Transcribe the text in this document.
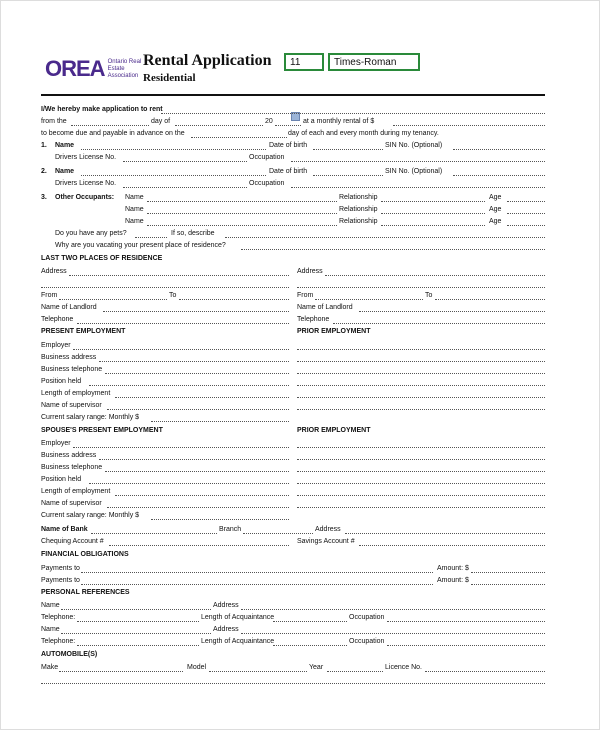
OREA Ontario Real Estate Association
Rental Application
Residential
11	Times-Roman
I/We hereby make application to rent
from the	day of	20	at a monthly rental of $
to become due and payable in advance on the	day of each and every month during my tenancy.
1. Name	Date of birth	SIN No. (Optional)
Drivers License No.	Occupation
2. Name	Date of birth	SIN No. (Optional)
Drivers License No.	Occupation
3. Other Occupants: Name	Relationship	Age
Name	Relationship	Age
Name	Relationship	Age
Do you have any pets?	If so, describe
Why are you vacating your present place of residence?
LAST TWO PLACES OF RESIDENCE
Address	Address
From	To	From	To
Name of Landlord	Name of Landlord
Telephone	Telephone
PRESENT EMPLOYMENT	PRIOR EMPLOYMENT
Employer
Business address
Business telephone
Position held
Length of employment
Name of supervisor
Current salary range: Monthly $
SPOUSE'S PRESENT EMPLOYMENT	PRIOR EMPLOYMENT
Employer
Business address
Business telephone
Position held
Length of employment
Name of supervisor
Current salary range: Monthly $
Name of Bank	Branch	Address
Chequing Account #	Savings Account #
FINANCIAL OBLIGATIONS
Payments to	Amount: $
Payments to	Amount: $
PERSONAL REFERENCES
Name	Address
Telephone:	Length of Acquaintance	Occupation
Name	Address
Telephone:	Length of Acquaintance	Occupation
AUTOMOBILE(S)
Make	Model	Year	Licence No.
